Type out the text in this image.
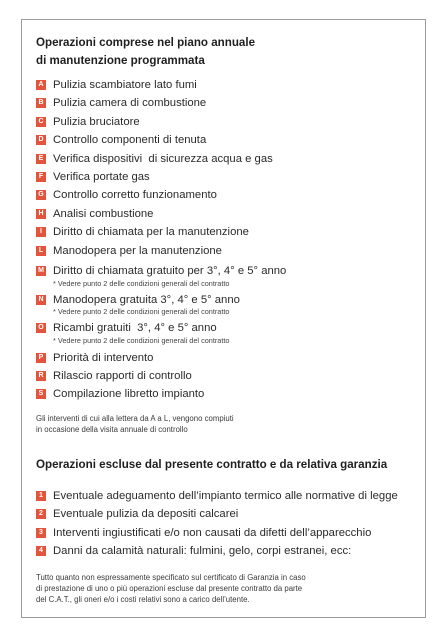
Operazioni comprese nel piano annuale
di manutenzione programmata
A Pulizia scambiatore lato fumi
B Pulizia camera di combustione
C Pulizia bruciatore
D Controllo componenti di tenuta
E Verifica dispositivi  di sicurezza acqua e gas
F Verifica portate gas
G Controllo corretto funzionamento
H Analisi combustione
I Diritto di chiamata per la manutenzione
L Manodopera per la manutenzione
M Diritto di chiamata gratuito per 3°, 4° e 5° anno
* Vedere punto 2 delle condizioni generali del contratto
N Manodopera gratuita 3°, 4° e 5° anno
* Vedere punto 2 delle condizioni generali del contratto
O Ricambi gratuiti  3°, 4° e 5° anno
* Vedere punto 2 delle condizioni generali del contratto
P Priorità di intervento
R Rilascio rapporti di controllo
S Compilazione libretto impianto
Gli interventi di cui alla lettera da A a L, vengono compiuti
in occasione della visita annuale di controllo
Operazioni escluse dal presente contratto e da relativa garanzia
1 Eventuale adeguamento dell’impianto termico alle normative di legge
2 Eventuale pulizia da depositi calcarei
3 Interventi ingiustificati e/o non causati da difetti dell’apparecchio
4 Danni da calamità naturali: fulmini, gelo, corpi estranei, ecc:
Tutto quanto non espressamente specificato sul certificato di Garanzia in caso
di prestazione di uno o più operazioni escluse dal presente contratto da parte
del C.A.T., gli oneri e/o i costi relativi sono a carico dell’utente.
